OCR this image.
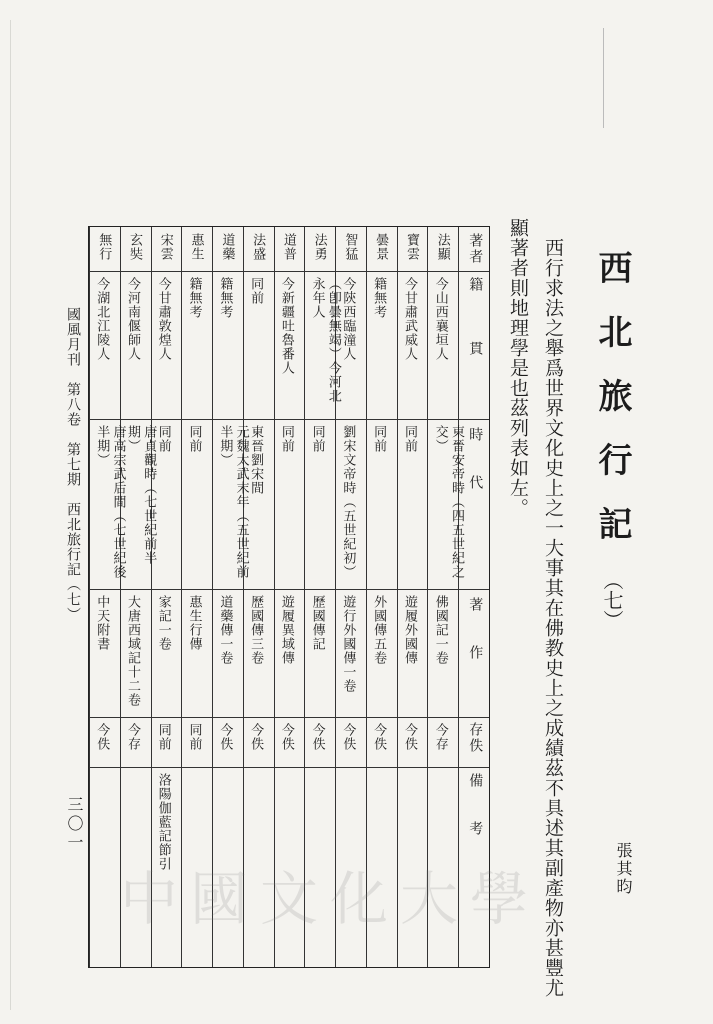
西北旅行記（七）
張其昀
西行求法之舉爲世界文化史上之一大事其在佛教史上之成績茲不具述其副產物亦甚豐尤
顯著者則地理學是也茲列表如左。
著者
籍　　　貫
時　　代
著　　作
存佚
備　　考
法顯
今山西襄垣人
東晉安帝時（四五世紀之交）
佛國記一卷
今存
寶雲
今甘肅武威人
同前
遊履外國傳
今佚
曇景
籍無考
同前
外國傳五卷
今佚
智猛
今陝西臨潼人
劉宋文帝時（五世紀初）
遊行外國傳一卷
今佚
法勇
（卽曇無竭）今河北永年人
同前
歷國傳記
今佚
道普
今新疆吐魯番人
同前
遊履異域傳
今佚
法盛
同前
東晉劉宋間
歷國傳三卷
今佚
道藥
籍無考
元魏太武末年（五世紀前半期）
道藥傳一卷
今佚
惠生
籍無考
同前
惠生行傳
同前
宋雲
今甘肅敦煌人
同前
家記一卷
同前
洛陽伽藍記節引
玄奘
今河南偃師人
唐貞觀時（七世紀前半期）
大唐西域記十二卷
今存
無行
今湖北江陵人
唐高宗武后間（七世紀後半期）
中天附書
今佚
國風月刊　第八卷　第七期　西北旅行記（七）
三〇一
中國文化大學
